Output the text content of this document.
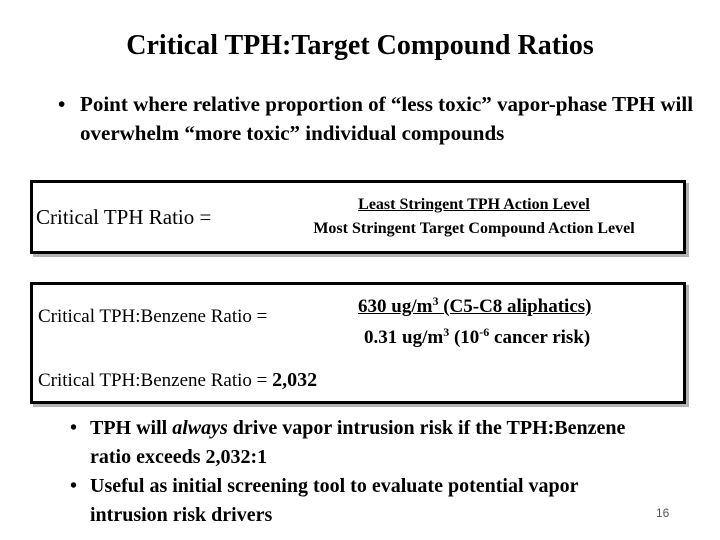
Critical TPH:Target Compound Ratios
• Point where relative proportion of “less toxic” vapor-phase TPH will overwhelm “more toxic” individual compounds
Critical TPH Ratio =
Least Stringent TPH Action Level
Most Stringent Target Compound Action Level
Critical TPH:Benzene Ratio =	630 $ug/m^3$ (C5-C8 aliphatics)
0.31 $ug/m^3$ ($10^{-6}$ cancer risk)
Critical TPH:Benzene Ratio = 2,032
• TPH will always drive vapor intrusion risk if the TPH:Benzene ratio exceeds 2,032:1
• Useful as initial screening tool to evaluate potential vapor intrusion risk drivers	16
